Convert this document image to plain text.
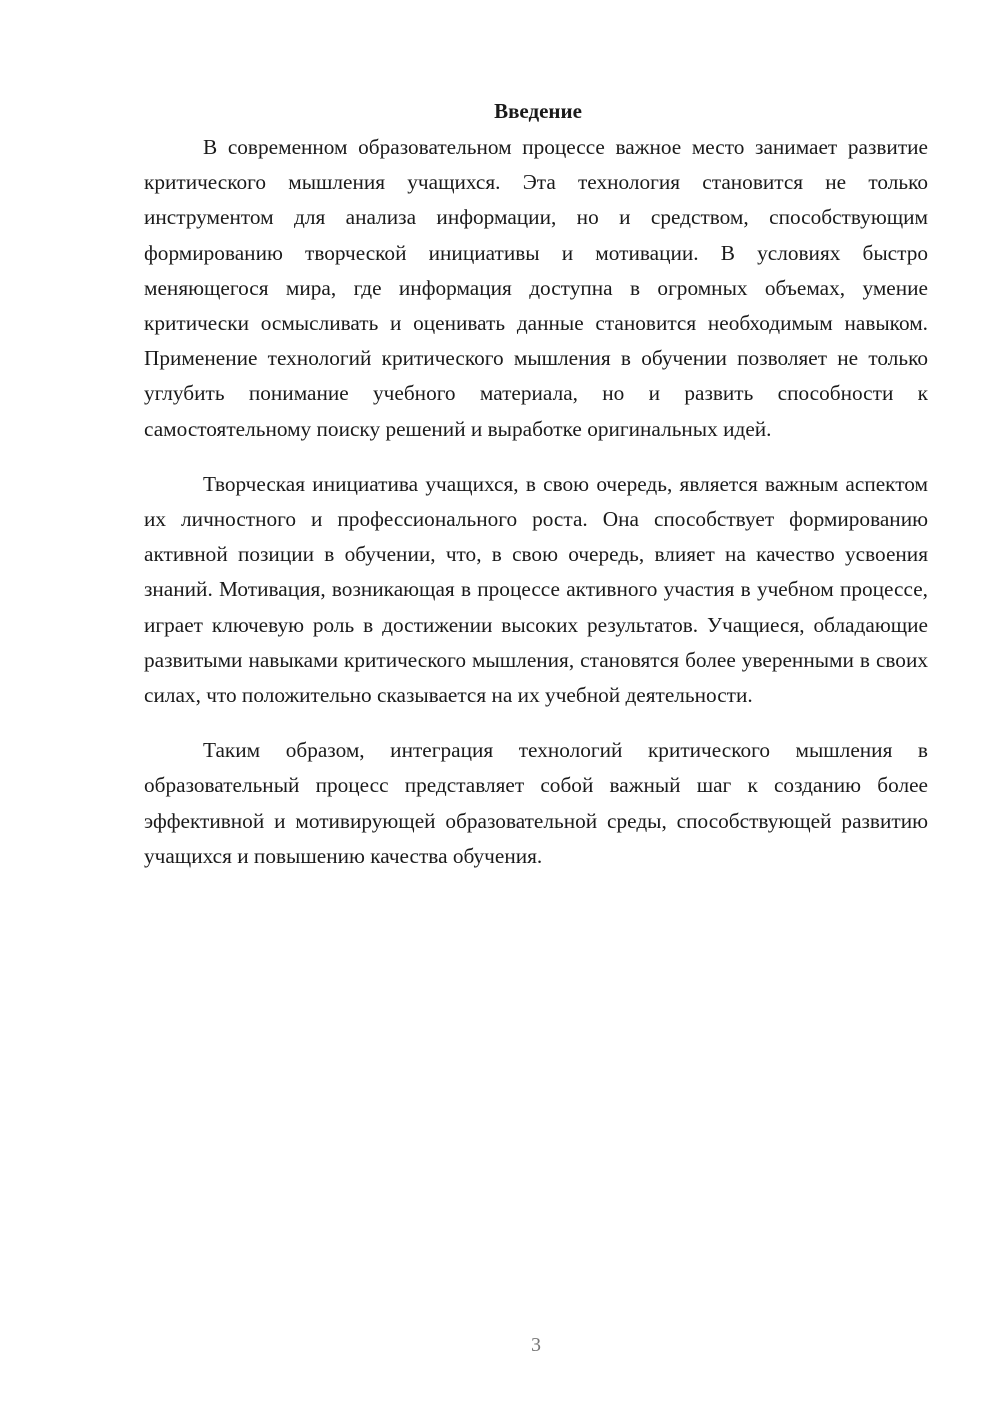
Введение

В современном образовательном процессе важное место занимает развитие критического мышления учащихся. Эта технология становится не только инструментом для анализа информации, но и средством, способствующим формированию творческой инициативы и мотивации. В условиях быстро меняющегося мира, где информация доступна в огромных объемах, умение критически осмысливать и оценивать данные становится необходимым навыком. Применение технологий критического мышления в обучении позволяет не только углубить понимание учебного материала, но и развить способности к самостоятельному поиску решений и выработке оригинальных идей.

Творческая инициатива учащихся, в свою очередь, является важным аспектом их личностного и профессионального роста. Она способствует формированию активной позиции в обучении, что, в свою очередь, влияет на качество усвоения знаний. Мотивация, возникающая в процессе активного участия в учебном процессе, играет ключевую роль в достижении высоких результатов. Учащиеся, обладающие развитыми навыками критического мышления, становятся более уверенными в своих силах, что положительно сказывается на их учебной деятельности.

Таким образом, интеграция технологий критического мышления в образовательный процесс представляет собой важный шаг к созданию более эффективной и мотивирующей образовательной среды, способствующей развитию учащихся и повышению качества обучения.

3
